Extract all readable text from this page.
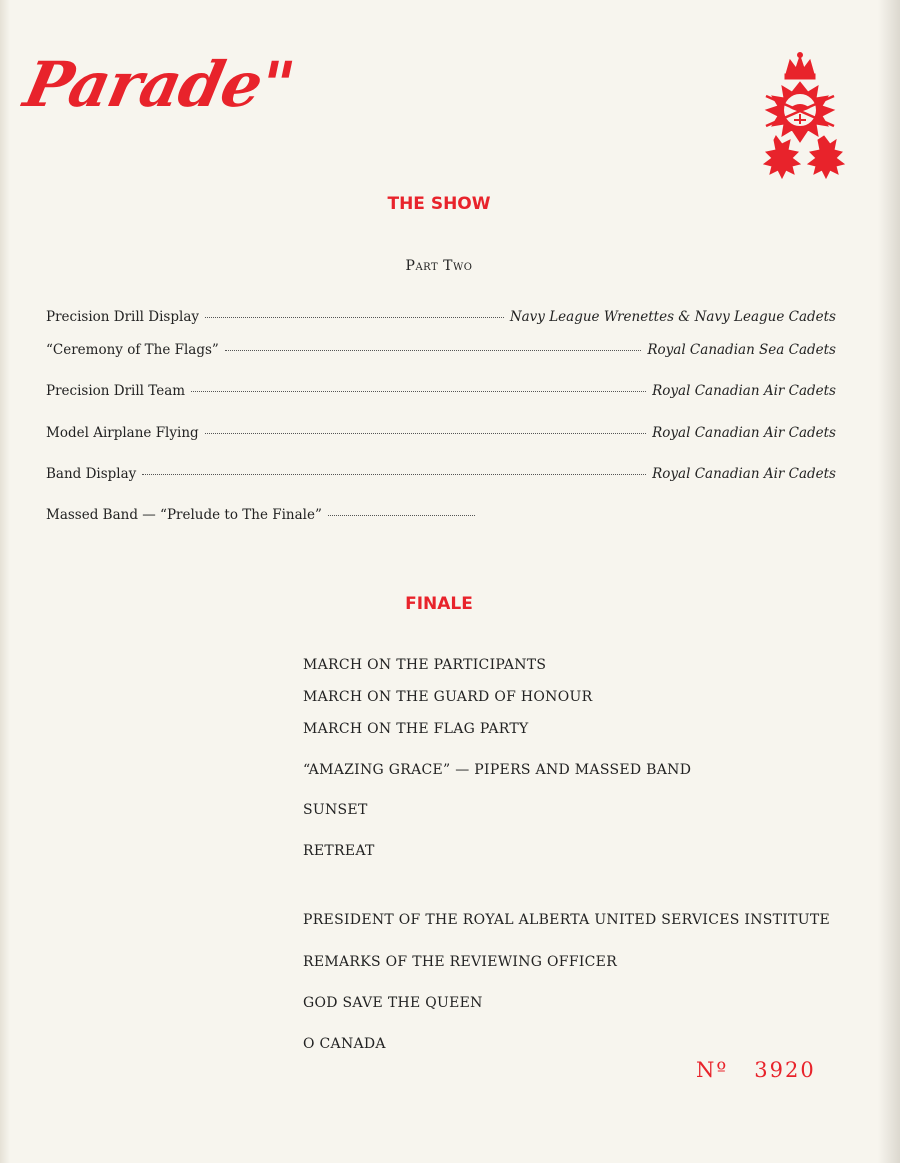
Parade"
THE SHOW
Part Two
Precision Drill Display	Navy League Wrenettes & Navy League Cadets
“Ceremony of The Flags”	Royal Canadian Sea Cadets
Precision Drill Team	Royal Canadian Air Cadets
Model Airplane Flying	Royal Canadian Air Cadets
Band Display	Royal Canadian Air Cadets
Massed Band — “Prelude to The Finale”
FINALE
MARCH ON THE PARTICIPANTS
MARCH ON THE GUARD OF HONOUR
MARCH ON THE FLAG PARTY
“AMAZING GRACE” — PIPERS AND MASSED BAND
SUNSET
RETREAT
PRESIDENT OF THE ROYAL ALBERTA UNITED SERVICES INSTITUTE
REMARKS OF THE REVIEWING OFFICER
GOD SAVE THE QUEEN
O CANADA
Nº 3920
